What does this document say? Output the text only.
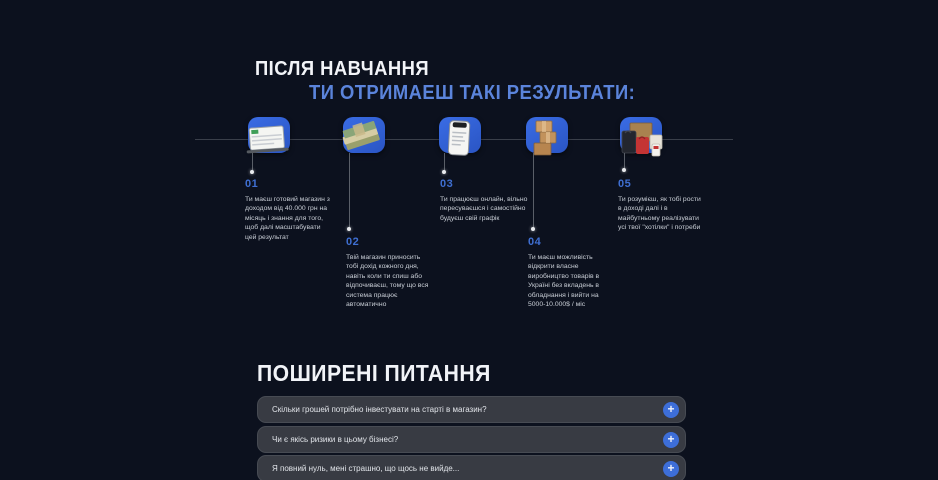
ПІСЛЯ НАВЧАННЯ
ТИ ОТРИМАЕШ ТАКІ РЕЗУЛЬТАТИ:
01
Ти маєш готовий магазин з доходом від 40.000 грн на місяць і знання для того, щоб далі масштабувати цей результат	02
Твій магазин приносить тобі дохід кожного дня, навіть коли ти спиш або відпочиваєш, тому що вся система працює автоматично
03
Ти працюєш онлайн, вільно пересуваєшся і самостійно будуєш свій графік
04
Ти маєш можливість відкрити власне виробництво товарів в Україні без вкладень в обладнання і вийти на 5000-10.000$ / міс
05
Ти розумієш, як тобі рости в доході далі і в майбутньому реалізувати усі твої "хотілки" і потреби
ПОШИРЕНІ ПИТАННЯ
Скільки грошей потрібно інвестувати на старті в магазин?	+
Чи є якісь ризики в цьому бізнесі?	+
Я повний нуль, мені страшно, що щось не вийде...	+
